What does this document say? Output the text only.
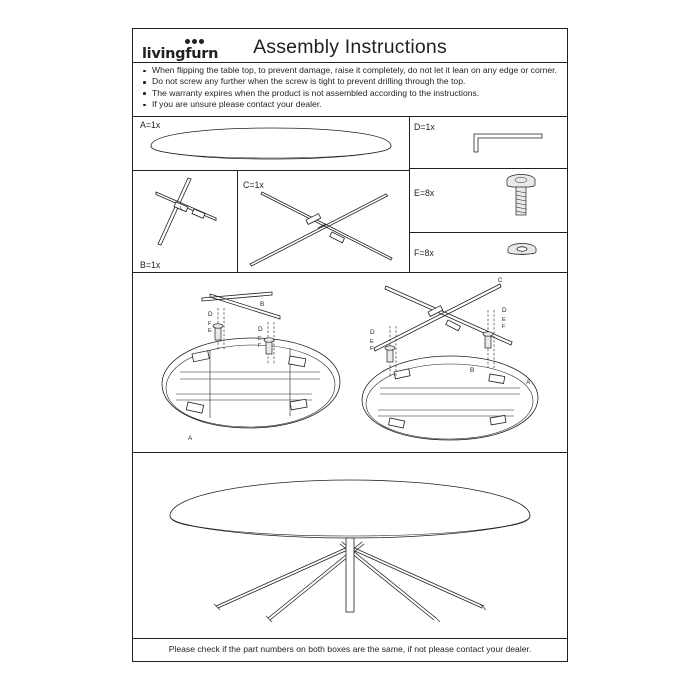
livingfurn	Assembly Instructions
When flipping the table top, to prevent damage, raise it completely, do not let it lean on any edge or corner.
Do not screw any further when the screw is tight to prevent drilling through the top.
The warranty expires when the product is not assembled according to the instructions.
If you are unsure please contact your dealer.
A=1x
B=1x
C=1x
D=1x
E=8x
F=8x
D
F
E
B
D
E
F
A
C
D
E
F
D
E
F
B
A
Please check if the part numbers on both boxes are the same, if not please contact your dealer.
